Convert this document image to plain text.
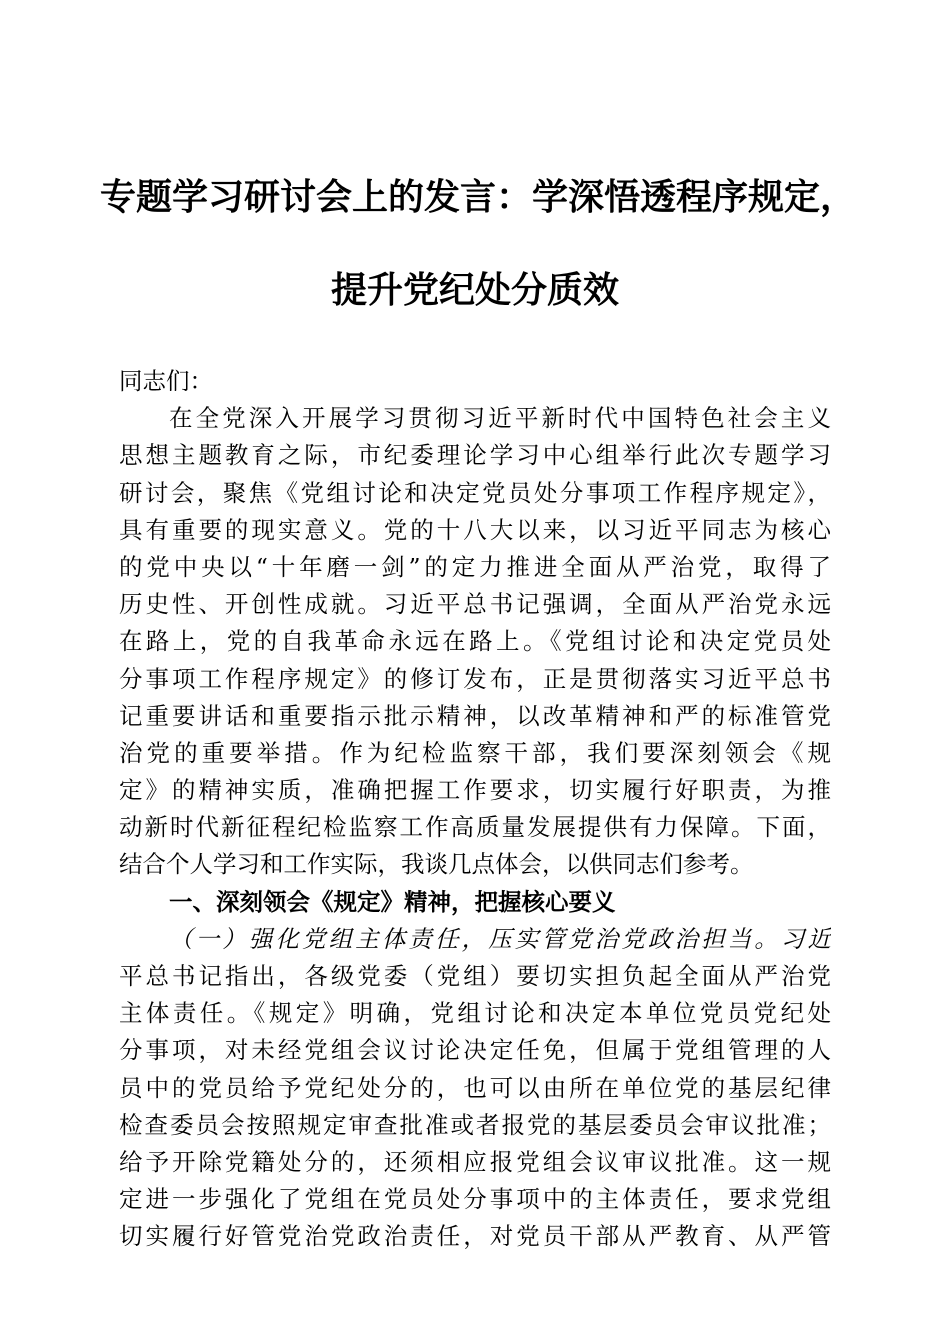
专题学习研讨会上的发言：学深悟透程序规定，
提升党纪处分质效
同志们：
在全党深入开展学习贯彻习近平新时代中国特色社会主义
思想主题教育之际，市纪委理论学习中心组举行此次专题学习
研讨会，聚焦《党组讨论和决定党员处分事项工作程序规定》，
具有重要的现实意义。党的十八大以来，以习近平同志为核心
的党中央以“十年磨一剑”的定力推进全面从严治党，取得了
历史性、开创性成就。习近平总书记强调，全面从严治党永远
在路上，党的自我革命永远在路上。《党组讨论和决定党员处
分事项工作程序规定》的修订发布，正是贯彻落实习近平总书
记重要讲话和重要指示批示精神，以改革精神和严的标准管党
治党的重要举措。作为纪检监察干部，我们要深刻领会《规
定》的精神实质，准确把握工作要求，切实履行好职责，为推
动新时代新征程纪检监察工作高质量发展提供有力保障。下面，
结合个人学习和工作实际，我谈几点体会，以供同志们参考。
一、深刻领会《规定》精神，把握核心要义
（一）强化党组主体责任，压实管党治党政治担当。习近
平总书记指出，各级党委（党组）要切实担负起全面从严治党
主体责任。《规定》明确，党组讨论和决定本单位党员党纪处
分事项，对未经党组会议讨论决定任免，但属于党组管理的人
员中的党员给予党纪处分的，也可以由所在单位党的基层纪律
检查委员会按照规定审查批准或者报党的基层委员会审议批准；
给予开除党籍处分的，还须相应报党组会议审议批准。这一规
定进一步强化了党组在党员处分事项中的主体责任，要求党组
切实履行好管党治党政治责任，对党员干部从严教育、从严管
